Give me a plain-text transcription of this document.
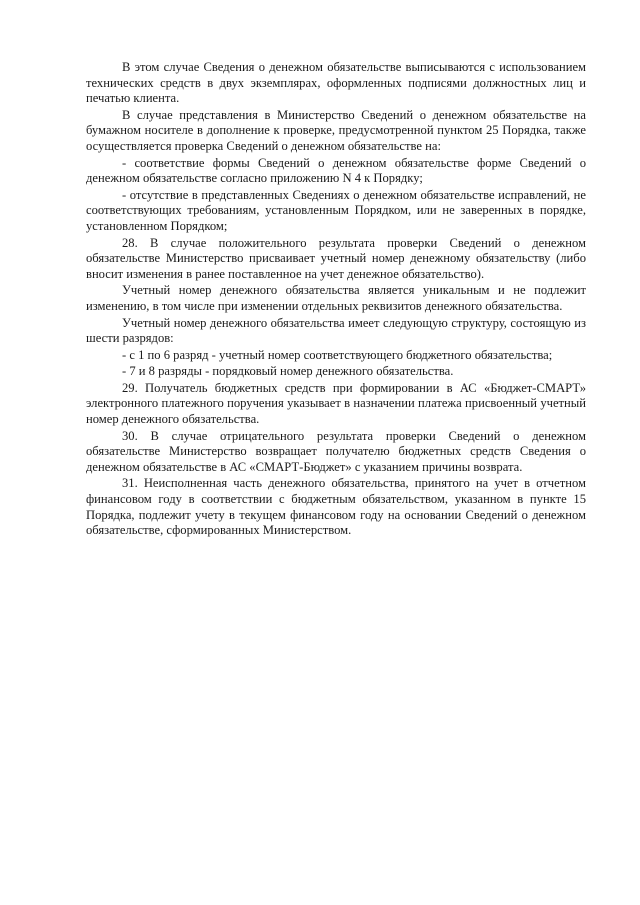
В этом случае Сведения о денежном обязательстве выписываются с использованием технических средств в двух экземплярах, оформленных подписями должностных лиц и печатью клиента.

В случае представления в Министерство Сведений о денежном обязательстве на бумажном носителе в дополнение к проверке, предусмотренной пунктом 25 Порядка, также осуществляется проверка Сведений о денежном обязательстве на:

- соответствие формы Сведений о денежном обязательстве форме Сведений о денежном обязательстве согласно приложению N 4 к Порядку;

- отсутствие в представленных Сведениях о денежном обязательстве исправлений, не соответствующих требованиям, установленным Порядком, или не заверенных в порядке, установленном Порядком;

28. В случае положительного результата проверки Сведений о денежном обязательстве Министерство присваивает учетный номер денежному обязательству (либо вносит изменения в ранее поставленное на учет денежное обязательство).

Учетный номер денежного обязательства является уникальным и не подлежит изменению, в том числе при изменении отдельных реквизитов денежного обязательства.

Учетный номер денежного обязательства имеет следующую структуру, состоящую из шести разрядов:

- с 1 по 6 разряд - учетный номер соответствующего бюджетного обязательства;

- 7 и 8 разряды - порядковый номер денежного обязательства.

29. Получатель бюджетных средств при формировании в АС «Бюджет-СМАРТ» электронного платежного поручения указывает в назначении платежа присвоенный учетный номер денежного обязательства.

30. В случае отрицательного результата проверки Сведений о денежном обязательстве Министерство возвращает получателю бюджетных средств Сведения о денежном обязательстве в АС «СМАРТ-Бюджет» с указанием причины возврата.

31. Неисполненная часть денежного обязательства, принятого на учет в отчетном финансовом году в соответствии с бюджетным обязательством, указанном в пункте 15 Порядка, подлежит учету в текущем финансовом году на основании Сведений о денежном обязательстве, сформированных Министерством.
